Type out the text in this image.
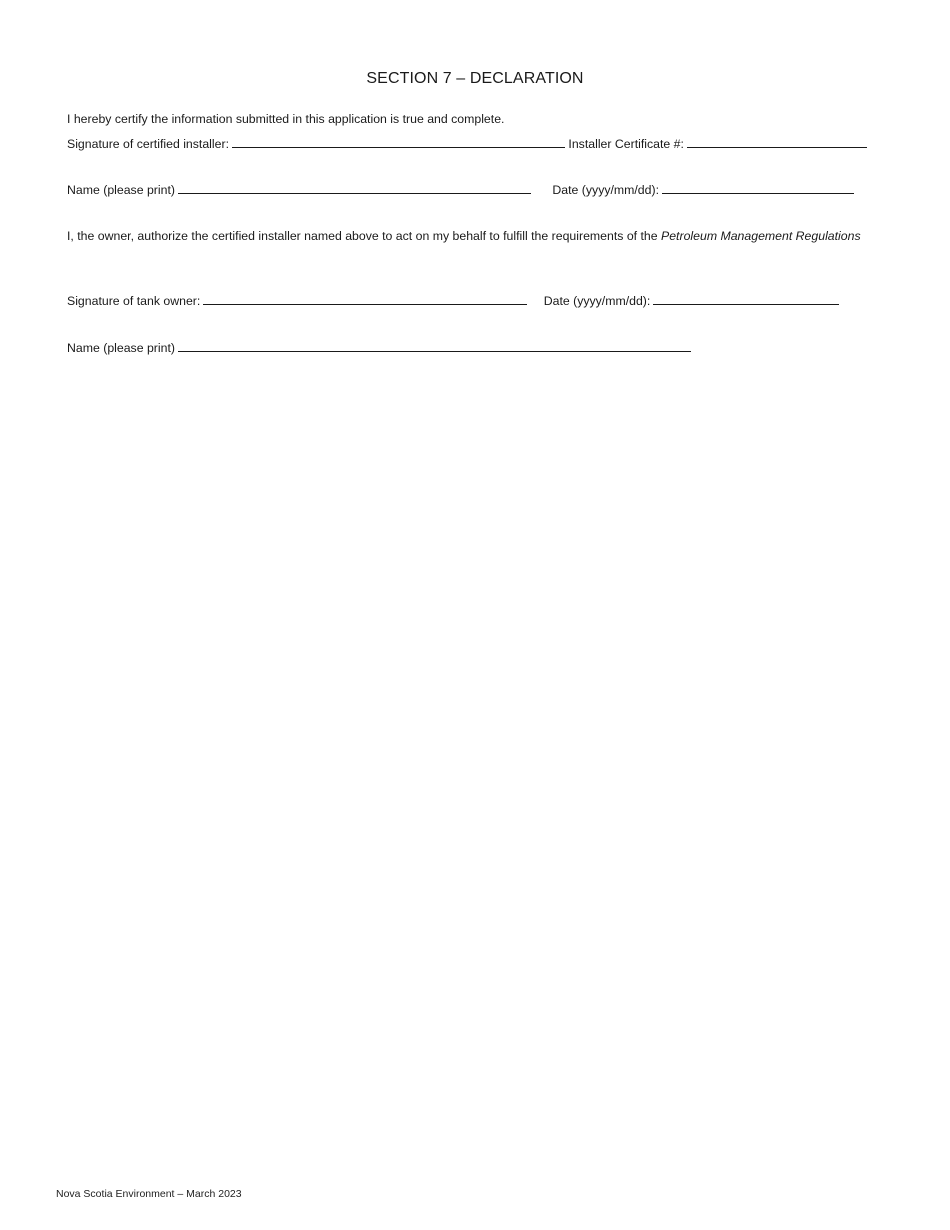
SECTION 7 – DECLARATION
I hereby certify the information submitted in this application is true and complete.
Signature of certified installer:	Installer Certificate #:
Name (please print)	Date (yyyy/mm/dd):
I, the owner, authorize the certified installer named above to act on my behalf to fulfill the requirements of the Petroleum Management Regulations
Signature of tank owner:	Date (yyyy/mm/dd):
Name (please print)
Nova Scotia Environment – March 2023
